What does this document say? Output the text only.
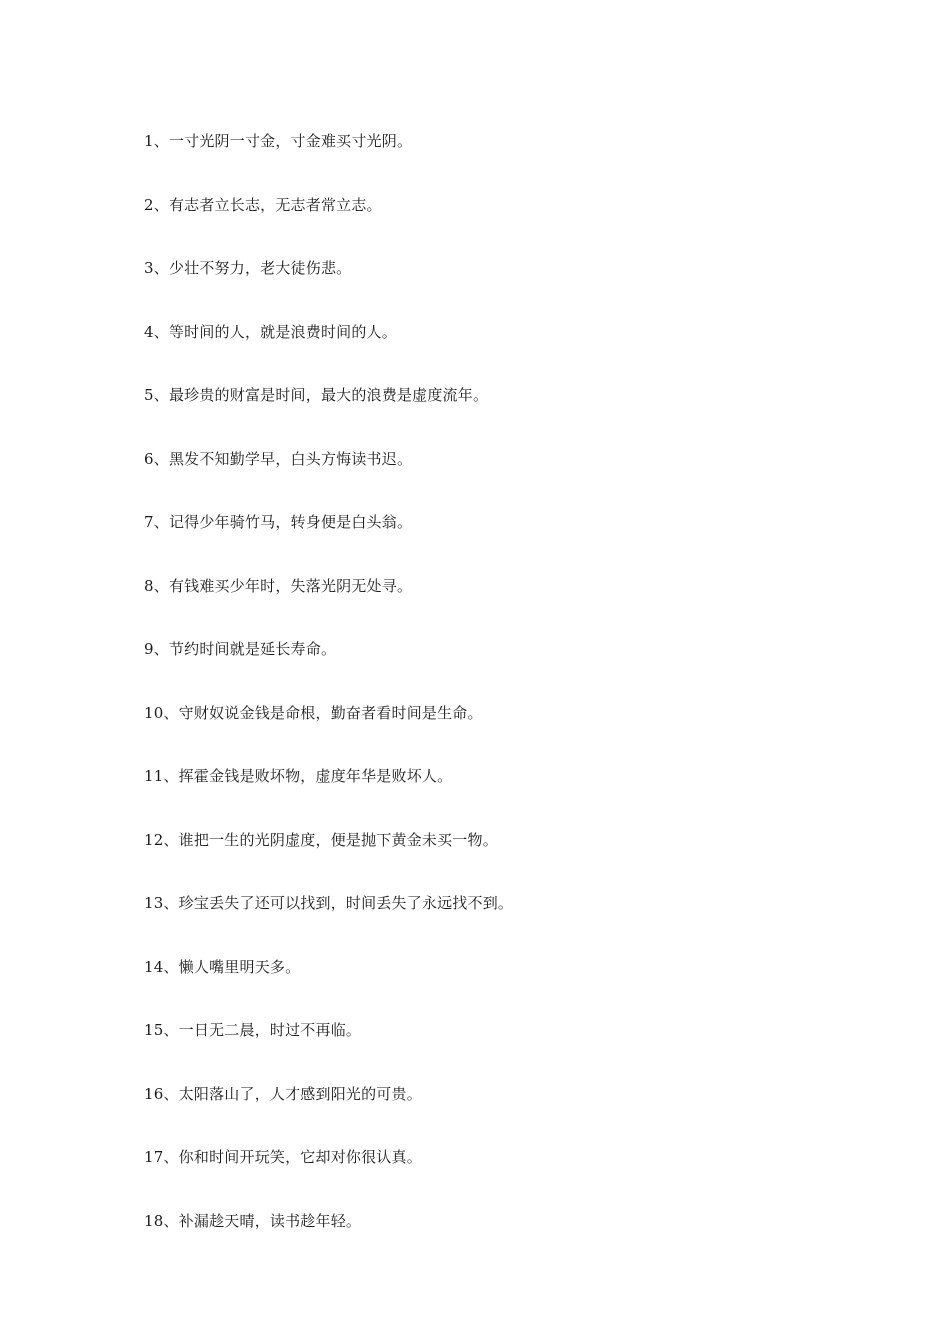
1、一寸光阴一寸金，寸金难买寸光阴。
2、有志者立长志，无志者常立志。
3、少壮不努力，老大徒伤悲。
4、等时间的人，就是浪费时间的人。
5、最珍贵的财富是时间，最大的浪费是虚度流年。
6、黑发不知勤学早，白头方悔读书迟。
7、记得少年骑竹马，转身便是白头翁。
8、有钱难买少年时，失落光阴无处寻。
9、节约时间就是延长寿命。
10、守财奴说金钱是命根，勤奋者看时间是生命。
11、挥霍金钱是败坏物，虚度年华是败坏人。
12、谁把一生的光阴虚度，便是抛下黄金未买一物。
13、珍宝丢失了还可以找到，时间丢失了永远找不到。
14、懒人嘴里明天多。
15、一日无二晨，时过不再临。
16、太阳落山了，人才感到阳光的可贵。
17、你和时间开玩笑，它却对你很认真。
18、补漏趁天晴，读书趁年轻。
